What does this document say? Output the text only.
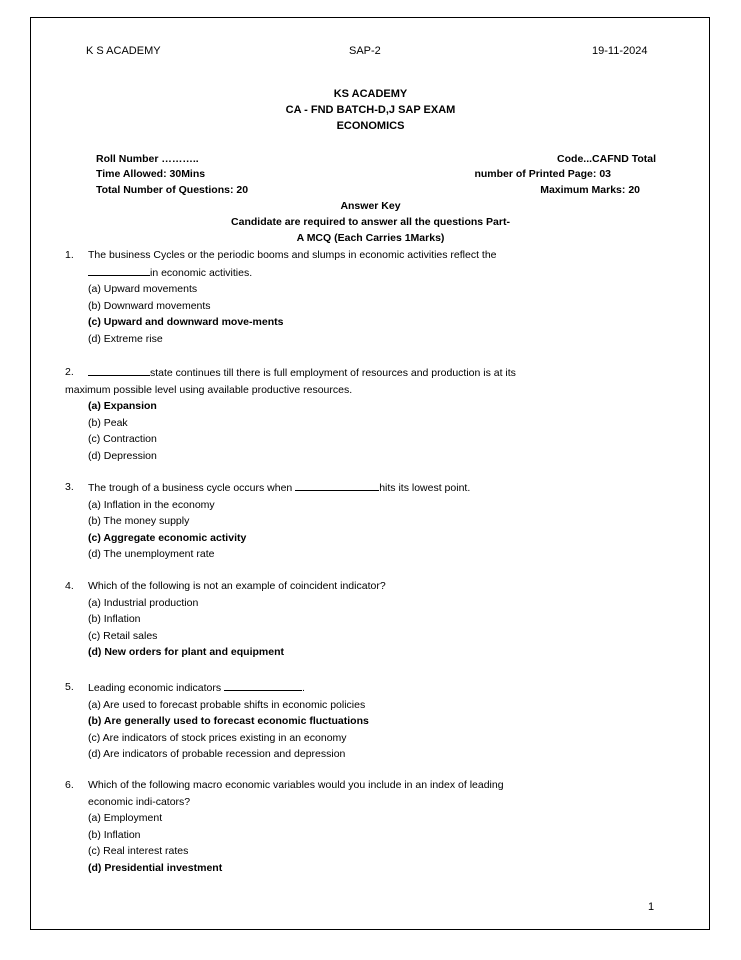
K S ACADEMY	SAP-2	19-11-2024
KS ACADEMY
CA - FND BATCH-D,J SAP EXAM
ECONOMICS
Roll Number ………..	Code...CAFND Total
Time Allowed: 30Mins	number of Printed Page: 03
Total Number of Questions: 20	Maximum Marks: 20
Answer Key
Candidate are required to answer all the questions Part-
A MCQ (Each Carries 1Marks)
1.	The business Cycles or the periodic booms and slumps in economic activities reflect the
in economic activities.
(a) Upward movements
(b) Downward movements
(c) Upward and downward move-ments
(d) Extreme rise
2.	state continues till there is full employment of resources and production is at its
maximum possible level using available productive resources.
(a) Expansion
(b) Peak
(c) Contraction
(d) Depression
3.	The trough of a business cycle occurs when	hits its lowest point.
(a) Inflation in the economy
(b) The money supply
(c) Aggregate economic activity
(d) The unemployment rate
4.	Which of the following is not an example of coincident indicator?
(a) Industrial production
(b) Inflation
(c) Retail sales
(d) New orders for plant and equipment
5.	Leading economic indicators	.
(a) Are used to forecast probable shifts in economic policies
(b) Are generally used to forecast economic fluctuations
(c) Are indicators of stock prices existing in an economy
(d) Are indicators of probable recession and depression
6.	Which of the following macro economic variables would you include in an index of leading
economic indi-cators?
(a) Employment
(b) Inflation
(c) Real interest rates
(d) Presidential investment
1
